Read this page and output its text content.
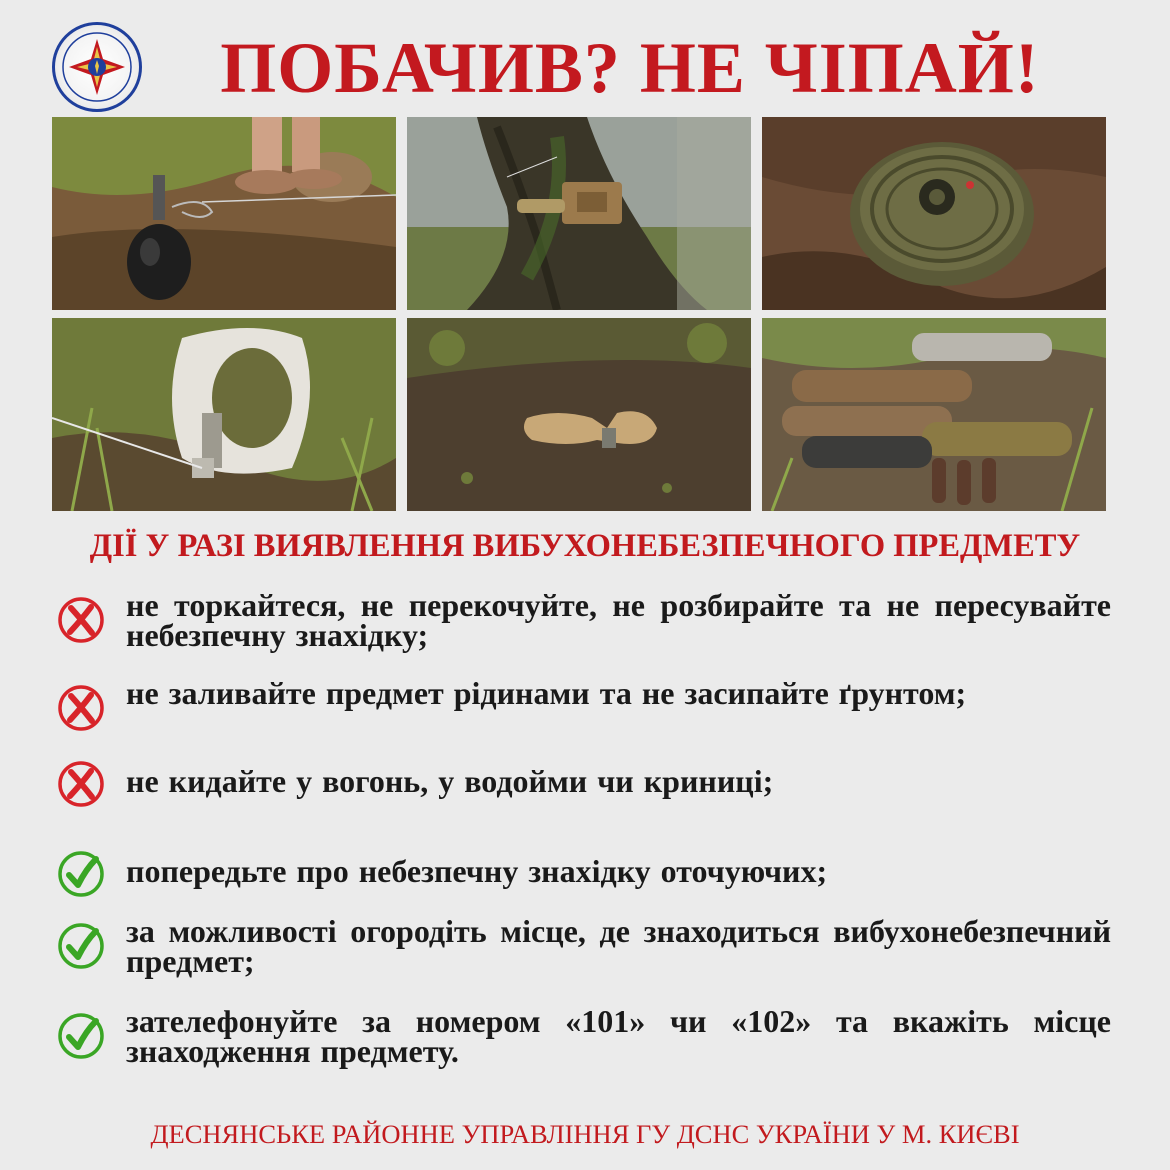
ПОБАЧИВ? НЕ ЧІПАЙ!
ДІЇ У РАЗІ ВИЯВЛЕННЯ ВИБУХОНЕБЕЗПЕЧНОГО ПРЕДМЕТУ
не торкайтеся, не перекочуйте, не розбирайте та не пересувайте небезпечну знахідку;
не заливайте предмет рідинами та не засипайте ґрунтом;
не кидайте у вогонь, у водойми чи криниці;
попередьте про небезпечну знахідку оточуючих;
за можливості огородіть місце, де знаходиться вибухонебезпечний предмет;
зателефонуйте за номером «101» чи «102» та вкажіть місце знаходження предмету.
ДЕСНЯНСЬКЕ РАЙОННЕ УПРАВЛІННЯ ГУ ДСНС УКРАЇНИ У М. КИЄВІ
